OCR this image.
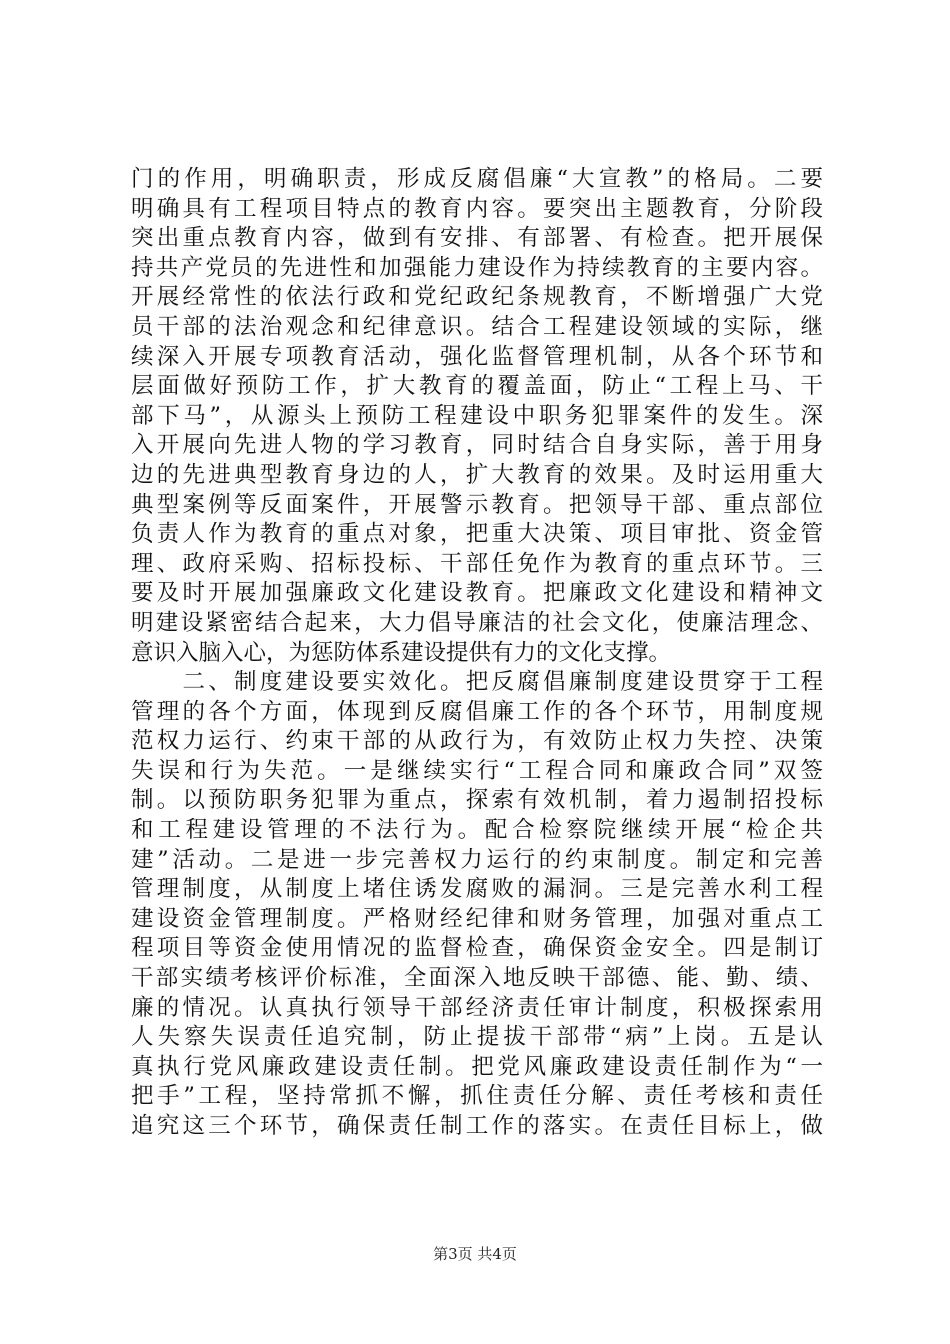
门的作用，明确职责，形成反腐倡廉“大宣教”的格局。二要
明确具有工程项目特点的教育内容。要突出主题教育，分阶段
突出重点教育内容，做到有安排、有部署、有检查。把开展保
持共产党员的先进性和加强能力建设作为持续教育的主要内容。
开展经常性的依法行政和党纪政纪条规教育，不断增强广大党
员干部的法治观念和纪律意识。结合工程建设领域的实际，继
续深入开展专项教育活动，强化监督管理机制，从各个环节和
层面做好预防工作，扩大教育的覆盖面，防止“工程上马、干
部下马”，从源头上预防工程建设中职务犯罪案件的发生。深
入开展向先进人物的学习教育，同时结合自身实际，善于用身
边的先进典型教育身边的人，扩大教育的效果。及时运用重大
典型案例等反面案件，开展警示教育。把领导干部、重点部位
负责人作为教育的重点对象，把重大决策、项目审批、资金管
理、政府采购、招标投标、干部任免作为教育的重点环节。三
要及时开展加强廉政文化建设教育。把廉政文化建设和精神文
明建设紧密结合起来，大力倡导廉洁的社会文化，使廉洁理念、
意识入脑入心，为惩防体系建设提供有力的文化支撑。
　　二、制度建设要实效化。把反腐倡廉制度建设贯穿于工程
管理的各个方面，体现到反腐倡廉工作的各个环节，用制度规
范权力运行、约束干部的从政行为，有效防止权力失控、决策
失误和行为失范。一是继续实行“工程合同和廉政合同”双签
制。以预防职务犯罪为重点，探索有效机制，着力遏制招投标
和工程建设管理的不法行为。配合检察院继续开展“检企共
建”活动。二是进一步完善权力运行的约束制度。制定和完善
管理制度，从制度上堵住诱发腐败的漏洞。三是完善水利工程
建设资金管理制度。严格财经纪律和财务管理，加强对重点工
程项目等资金使用情况的监督检查，确保资金安全。四是制订
干部实绩考核评价标准，全面深入地反映干部德、能、勤、绩、
廉的情况。认真执行领导干部经济责任审计制度，积极探索用
人失察失误责任追究制，防止提拔干部带“病”上岗。五是认
真执行党风廉政建设责任制。把党风廉政建设责任制作为“一
把手”工程，坚持常抓不懈，抓住责任分解、责任考核和责任
追究这三个环节，确保责任制工作的落实。在责任目标上，做
第3页 共4页
